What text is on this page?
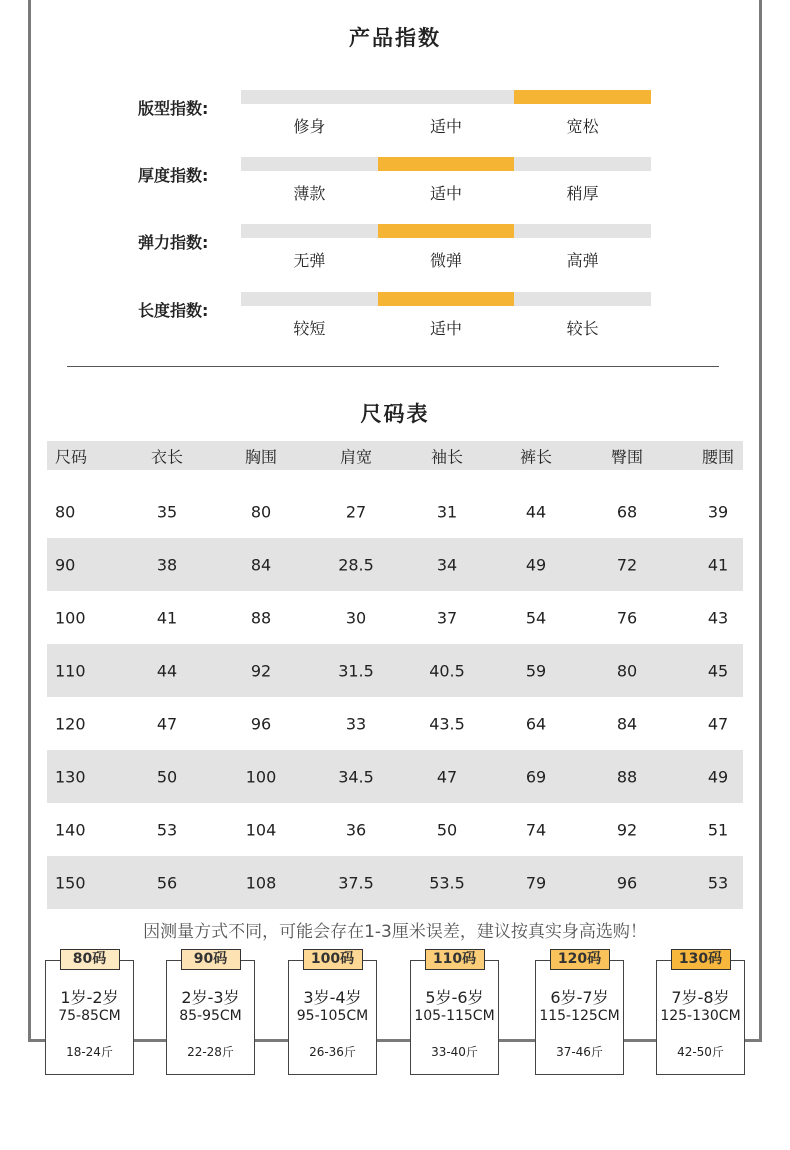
产品指数
版型指数:
修身	适中	宽松
厚度指数:
薄款	适中	稍厚
弹力指数:
无弹	微弹	高弹
长度指数:
较短	适中	较长
尺码表
尺码	衣长	胸围	肩宽	袖长	裤长	臀围	腰围
80	35	80	27	31	44	68	39
90	38	84	28.5	34	49	72	41
100	41	88	30	37	54	76	43
110	44	92	31.5	40.5	59	80	45
120	47	96	33	43.5	64	84	47
130	50	100	34.5	47	69	88	49
140	53	104	36	50	74	92	51
150	56	108	37.5	53.5	79	96	53
因测量方式不同，可能会存在1-3厘米误差，建议按真实身高选购！
80码
1岁-2岁
75-85CM
18-24斤
90码
2岁-3岁
85-95CM
22-28斤
100码
3岁-4岁
95-105CM
26-36斤
110码
5岁-6岁
105-115CM
33-40斤
120码
6岁-7岁
115-125CM
37-46斤
130码
7岁-8岁
125-130CM
42-50斤
